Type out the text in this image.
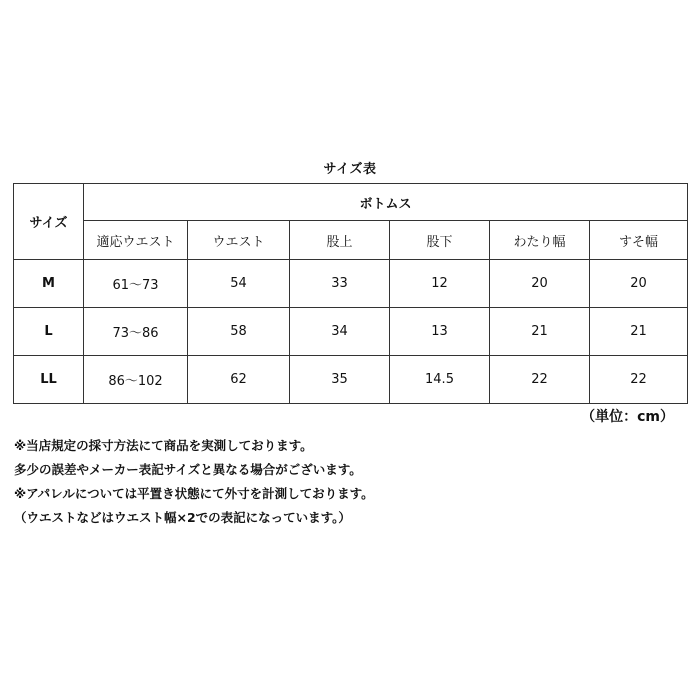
サイズ表
サイズ	ボトムス					
	適応ウエスト	ウエスト	股上	股下	わたり幅	すそ幅
M	61～73	54	33	12	20	20
L	73～86	58	34	13	21	21
LL	86～102	62	35	14.5	22	22
（単位：cm）
※当店規定の採寸方法にて商品を実測しております。
多少の誤差やメーカー表記サイズと異なる場合がございます。
※アパレルについては平置き状態にて外寸を計測しております。
（ウエストなどはウエスト幅×2での表記になっています。）
